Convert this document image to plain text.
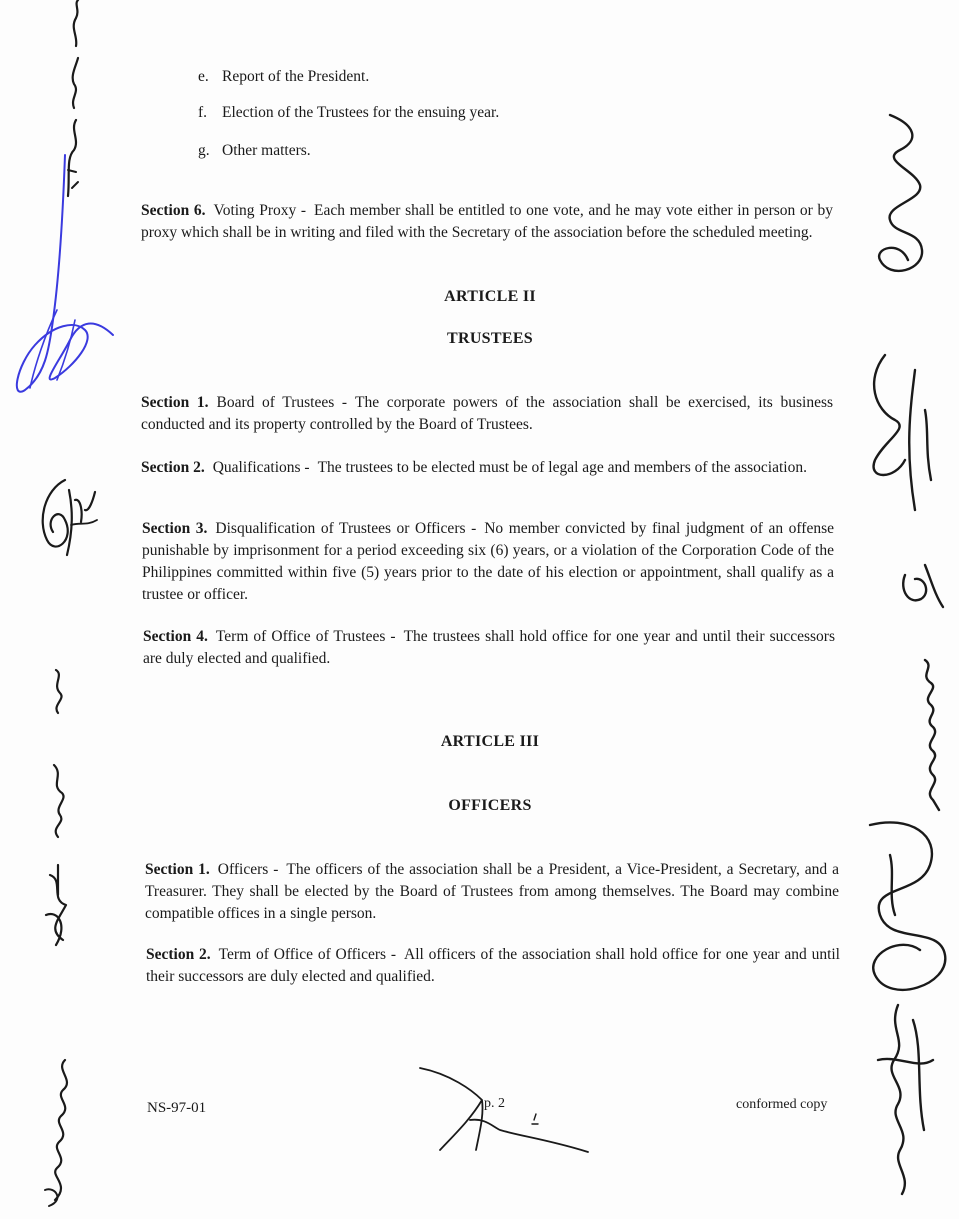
e. Report of the President.
f. Election of the Trustees for the ensuing year.
g. Other matters.
Section 6. Voting Proxy - Each member shall be entitled to one vote, and he may vote either in person or by proxy which shall be in writing and filed with the Secretary of the association before the scheduled meeting.
ARTICLE II
TRUSTEES
Section 1. Board of Trustees - The corporate powers of the association shall be exercised, its business conducted and its property controlled by the Board of Trustees.
Section 2. Qualifications - The trustees to be elected must be of legal age and members of the association.
Section 3. Disqualification of Trustees or Officers - No member convicted by final judgment of an offense punishable by imprisonment for a period exceeding six (6) years, or a violation of the Corporation Code of the Philippines committed within five (5) years prior to the date of his election or appointment, shall qualify as a trustee or officer.
Section 4. Term of Office of Trustees - The trustees shall hold office for one year and until their successors are duly elected and qualified.
ARTICLE III
OFFICERS
Section 1. Officers - The officers of the association shall be a President, a Vice-President, a Secretary, and a Treasurer. They shall be elected by the Board of Trustees from among themselves. The Board may combine compatible offices in a single person.
Section 2. Term of Office of Officers - All officers of the association shall hold office for one year and until their successors are duly elected and qualified.
NS-97-01	p. 2	conformed copy
